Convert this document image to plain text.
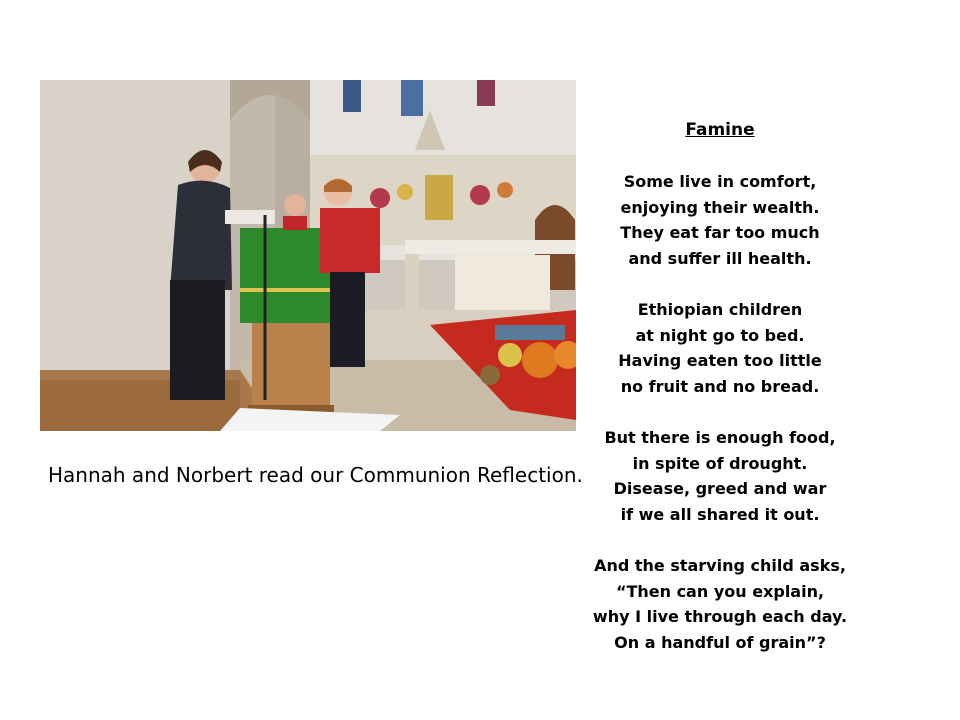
Hannah and Norbert read our Communion Reflection.
Famine
Some live in comfort,
enjoying their wealth.
They eat far too much
and suffer ill health.
Ethiopian children
at night go to bed.
Having eaten too little
no fruit and no bread.
But there is enough food,
in spite of drought.
Disease, greed and war
if we all shared it out.
And the starving child asks,
“Then can you explain,
why I live through each day.
On a handful of grain”?
